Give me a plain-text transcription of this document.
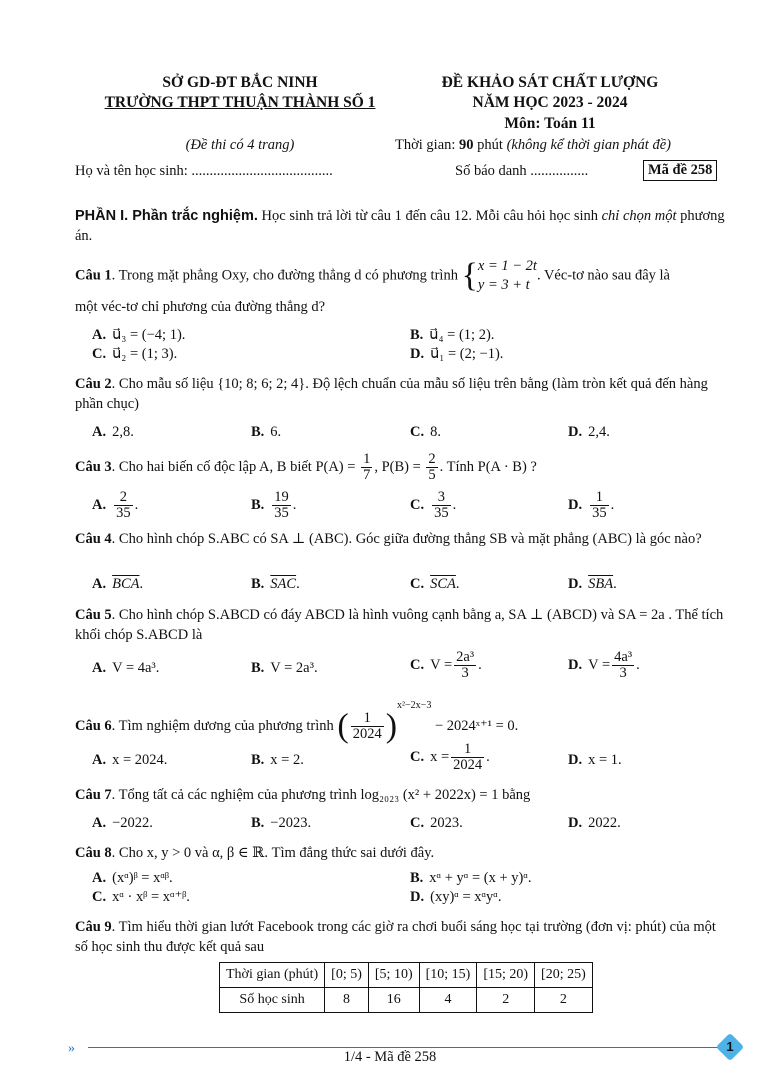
SỞ GD-ĐT BẮC NINH
TRƯỜNG THPT THUẬN THÀNH SỐ 1
(Đề thi có 4 trang)
ĐỀ KHẢO SÁT CHẤT LƯỢNG
NĂM HỌC 2023 - 2024
Môn: Toán 11
Thời gian: 90 phút (không kể thời gian phát đề)
Họ và tên học sinh: .......................................	Số báo danh ................	Mã đề 258
PHẦN I. Phần trắc nghiệm. Học sinh trả lời từ câu 1 đến câu 12. Mỗi câu hỏi học sinh chỉ chọn một phương án.
Câu 1. Trong mặt phẳng Oxy, cho đường thẳng d có phương trình { x = 1 − 2t
y = 3 + t
. Véc-tơ nào sau đây là
một véc-tơ chỉ phương của đường thẳng d?
A. u⃗₃ = (−4; 1).	B. u⃗₄ = (1; 2).
C. u⃗₂ = (1; 3).	D. u⃗₁ = (2; −1).
Câu 2. Cho mẫu số liệu {10; 8; 6; 2; 4}. Độ lệch chuẩn của mẫu số liệu trên bằng (làm tròn kết quả đến hàng phần chục)
A. 2,8.	B. 6.	C. 8.	D. 2,4.
Câu 3. Cho hai biến cố độc lập A, B biết $P(A) = \frac{1}{7}$ , $P(B) = \frac{2}{5}$ . Tính P(A · B) ?
A. $\frac{2}{35}$ .	B. $\frac{19}{35}$ .	C. $\frac{3}{35}$ .	D. $\frac{1}{35}$ .
Câu 4. Cho hình chóp S.ABC có SA ⊥ (ABC). Góc giữa đường thẳng SB và mặt phẳng (ABC) là góc nào?
A. $\overline{BCA}$.	B. $\overline{SAC}$.	C. $\overline{SCA}$.	D. $\overline{SBA}$.
Câu 5. Cho hình chóp S.ABCD có đáy ABCD là hình vuông cạnh bằng a, SA ⊥ (ABCD) và SA = 2a . Thể tích khối chóp S.ABCD là
A. V = 4a³.	B. V = 2a³.	C. $V = \frac{\text{2a³}}{3}$ .	D. $V = \frac{\text{4a³}}{3}$ .
Câu 6. Tìm nghiệm dương của phương trình ( $\frac{1}{2024} )^{x^2-2x-3}$ − 2024ˣ⁺¹ = 0.
A. x = 2024.	B. x = 2.	C. $x = \frac{1}{2024}$ .	D. x = 1.
Câu 7. Tổng tất cả các nghiệm của phương trình log₂₀₂₃ (x² + 2022x) = 1 bằng
A. −2022.	B. −2023.	C. 2023.	D. 2022.
Câu 8. Cho x, y > 0 và α, β ∈ ℝ. Tìm đẳng thức sai dưới đây.
A. (xᵅ)ᵝ = xᵅᵝ.	B. xᵅ + yᵅ = (x + y)ᵅ.
C. xᵅ · xᵝ = xᵅ⁺ᵝ.	D. (xy)ᵅ = xᵅyᵅ.
Câu 9. Tìm hiểu thời gian lướt Facebook trong các giờ ra chơi buổi sáng học tại trường (đơn vị: phút) của một số học sinh thu được kết quả sau
Thời gian (phút)	[0; 5)	[5; 10)	[10; 15)	[15; 20)	[20; 25)
Số học sinh	8	16	4	2	2
»
1/4 - Mã đề 258
1
